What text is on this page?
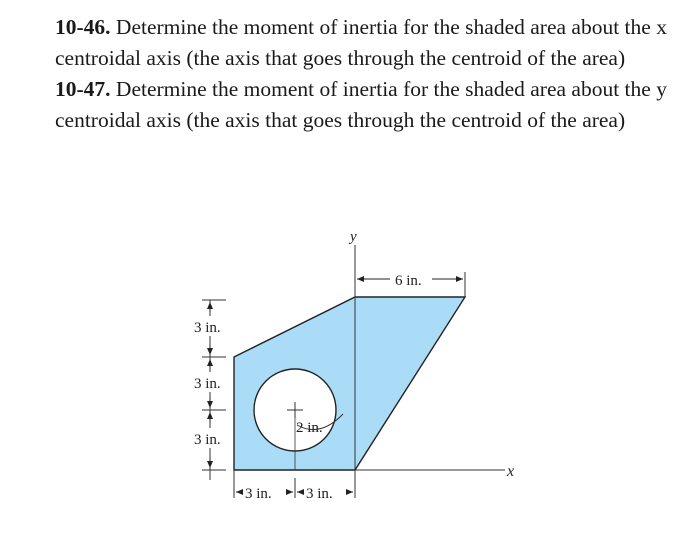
10-46. Determine the moment of inertia for the shaded area about the x centroidal axis (the axis that goes through the centroid of the area)

10-47. Determine the moment of inertia for the shaded area about the y centroidal axis (the axis that goes through the centroid of the area)

y
x
6 in.
3 in.
3 in.
3 in.
2 in.
3 in. 3 in.
